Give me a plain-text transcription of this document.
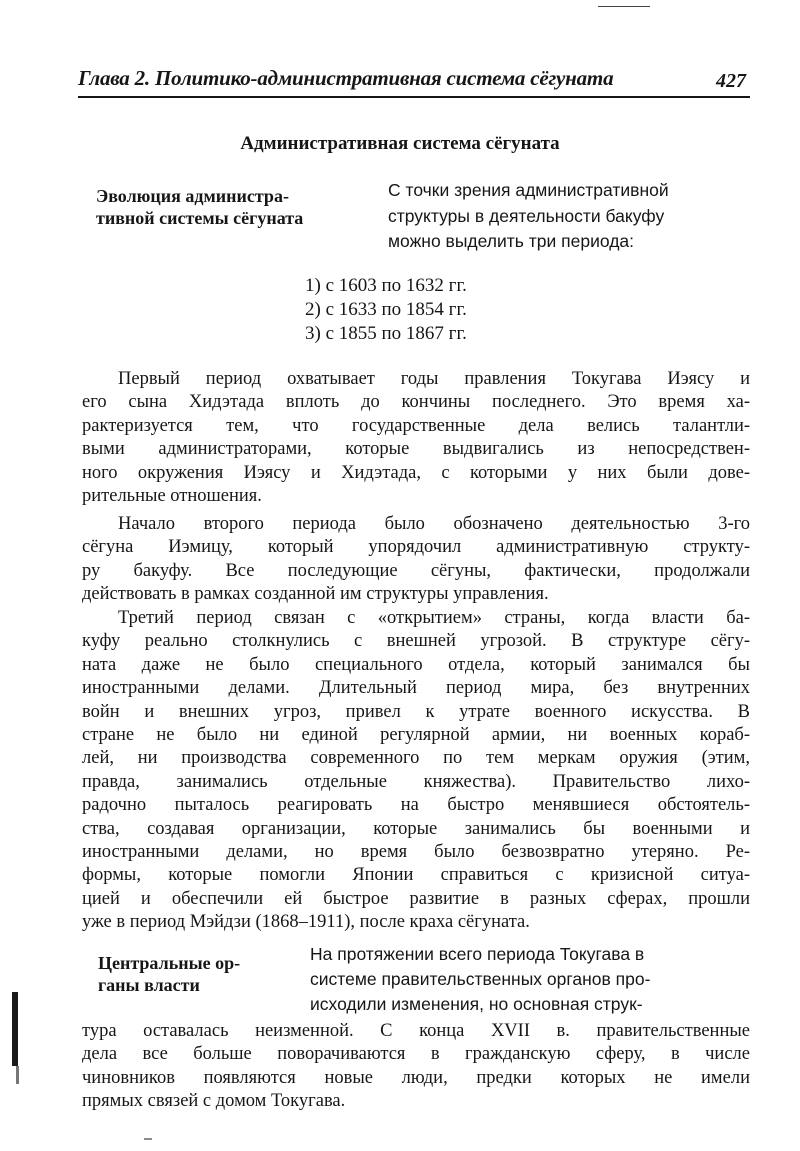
Глава 2. Политико-административная система сёгуната	427
Административная система сёгуната
Эволюция администра-
тивной системы сёгуната
С точки зрения административной
структуры в деятельности бакуфу
можно выделить три периода:
1) с 1603 по 1632 гг.
2) с 1633 по 1854 гг.
3) с 1855 по 1867 гг.
Первый период охватывает годы правления Токугава Иэясу и
его сына Хидэтада вплоть до кончины последнего. Это время ха-
рактеризуется тем, что государственные дела велись талантли-
выми администраторами, которые выдвигались из непосредствен-
ного окружения Иэясу и Хидэтада, с которыми у них были дове-
рительные отношения.
Начало второго периода было обозначено деятельностью 3-го
сёгуна Иэмицу, который упорядочил административную структу-
ру бакуфу. Все последующие сёгуны, фактически, продолжали
действовать в рамках созданной им структуры управления.
Третий период связан с «открытием» страны, когда власти ба-
куфу реально столкнулись с внешней угрозой. В структуре сёгу-
ната даже не было специального отдела, который занимался бы
иностранными делами. Длительный период мира, без внутренних
войн и внешних угроз, привел к утрате военного искусства. В
стране не было ни единой регулярной армии, ни военных кораб-
лей, ни производства современного по тем меркам оружия (этим,
правда, занимались отдельные княжества). Правительство лихо-
радочно пыталось реагировать на быстро менявшиеся обстоятель-
ства, создавая организации, которые занимались бы военными и
иностранными делами, но время было безвозвратно утеряно. Ре-
формы, которые помогли Японии справиться с кризисной ситуа-
цией и обеспечили ей быстрое развитие в разных сферах, прошли
уже в период Мэйдзи (1868–1911), после краха сёгуната.
Центральные ор-
ганы власти
На протяжении всего периода Токугава в
системе правительственных органов про-
исходили изменения, но основная струк-
тура оставалась неизменной. С конца XVII в. правительственные
дела все больше поворачиваются в гражданскую сферу, в числе
чиновников появляются новые люди, предки которых не имели
прямых связей с домом Токугава.
